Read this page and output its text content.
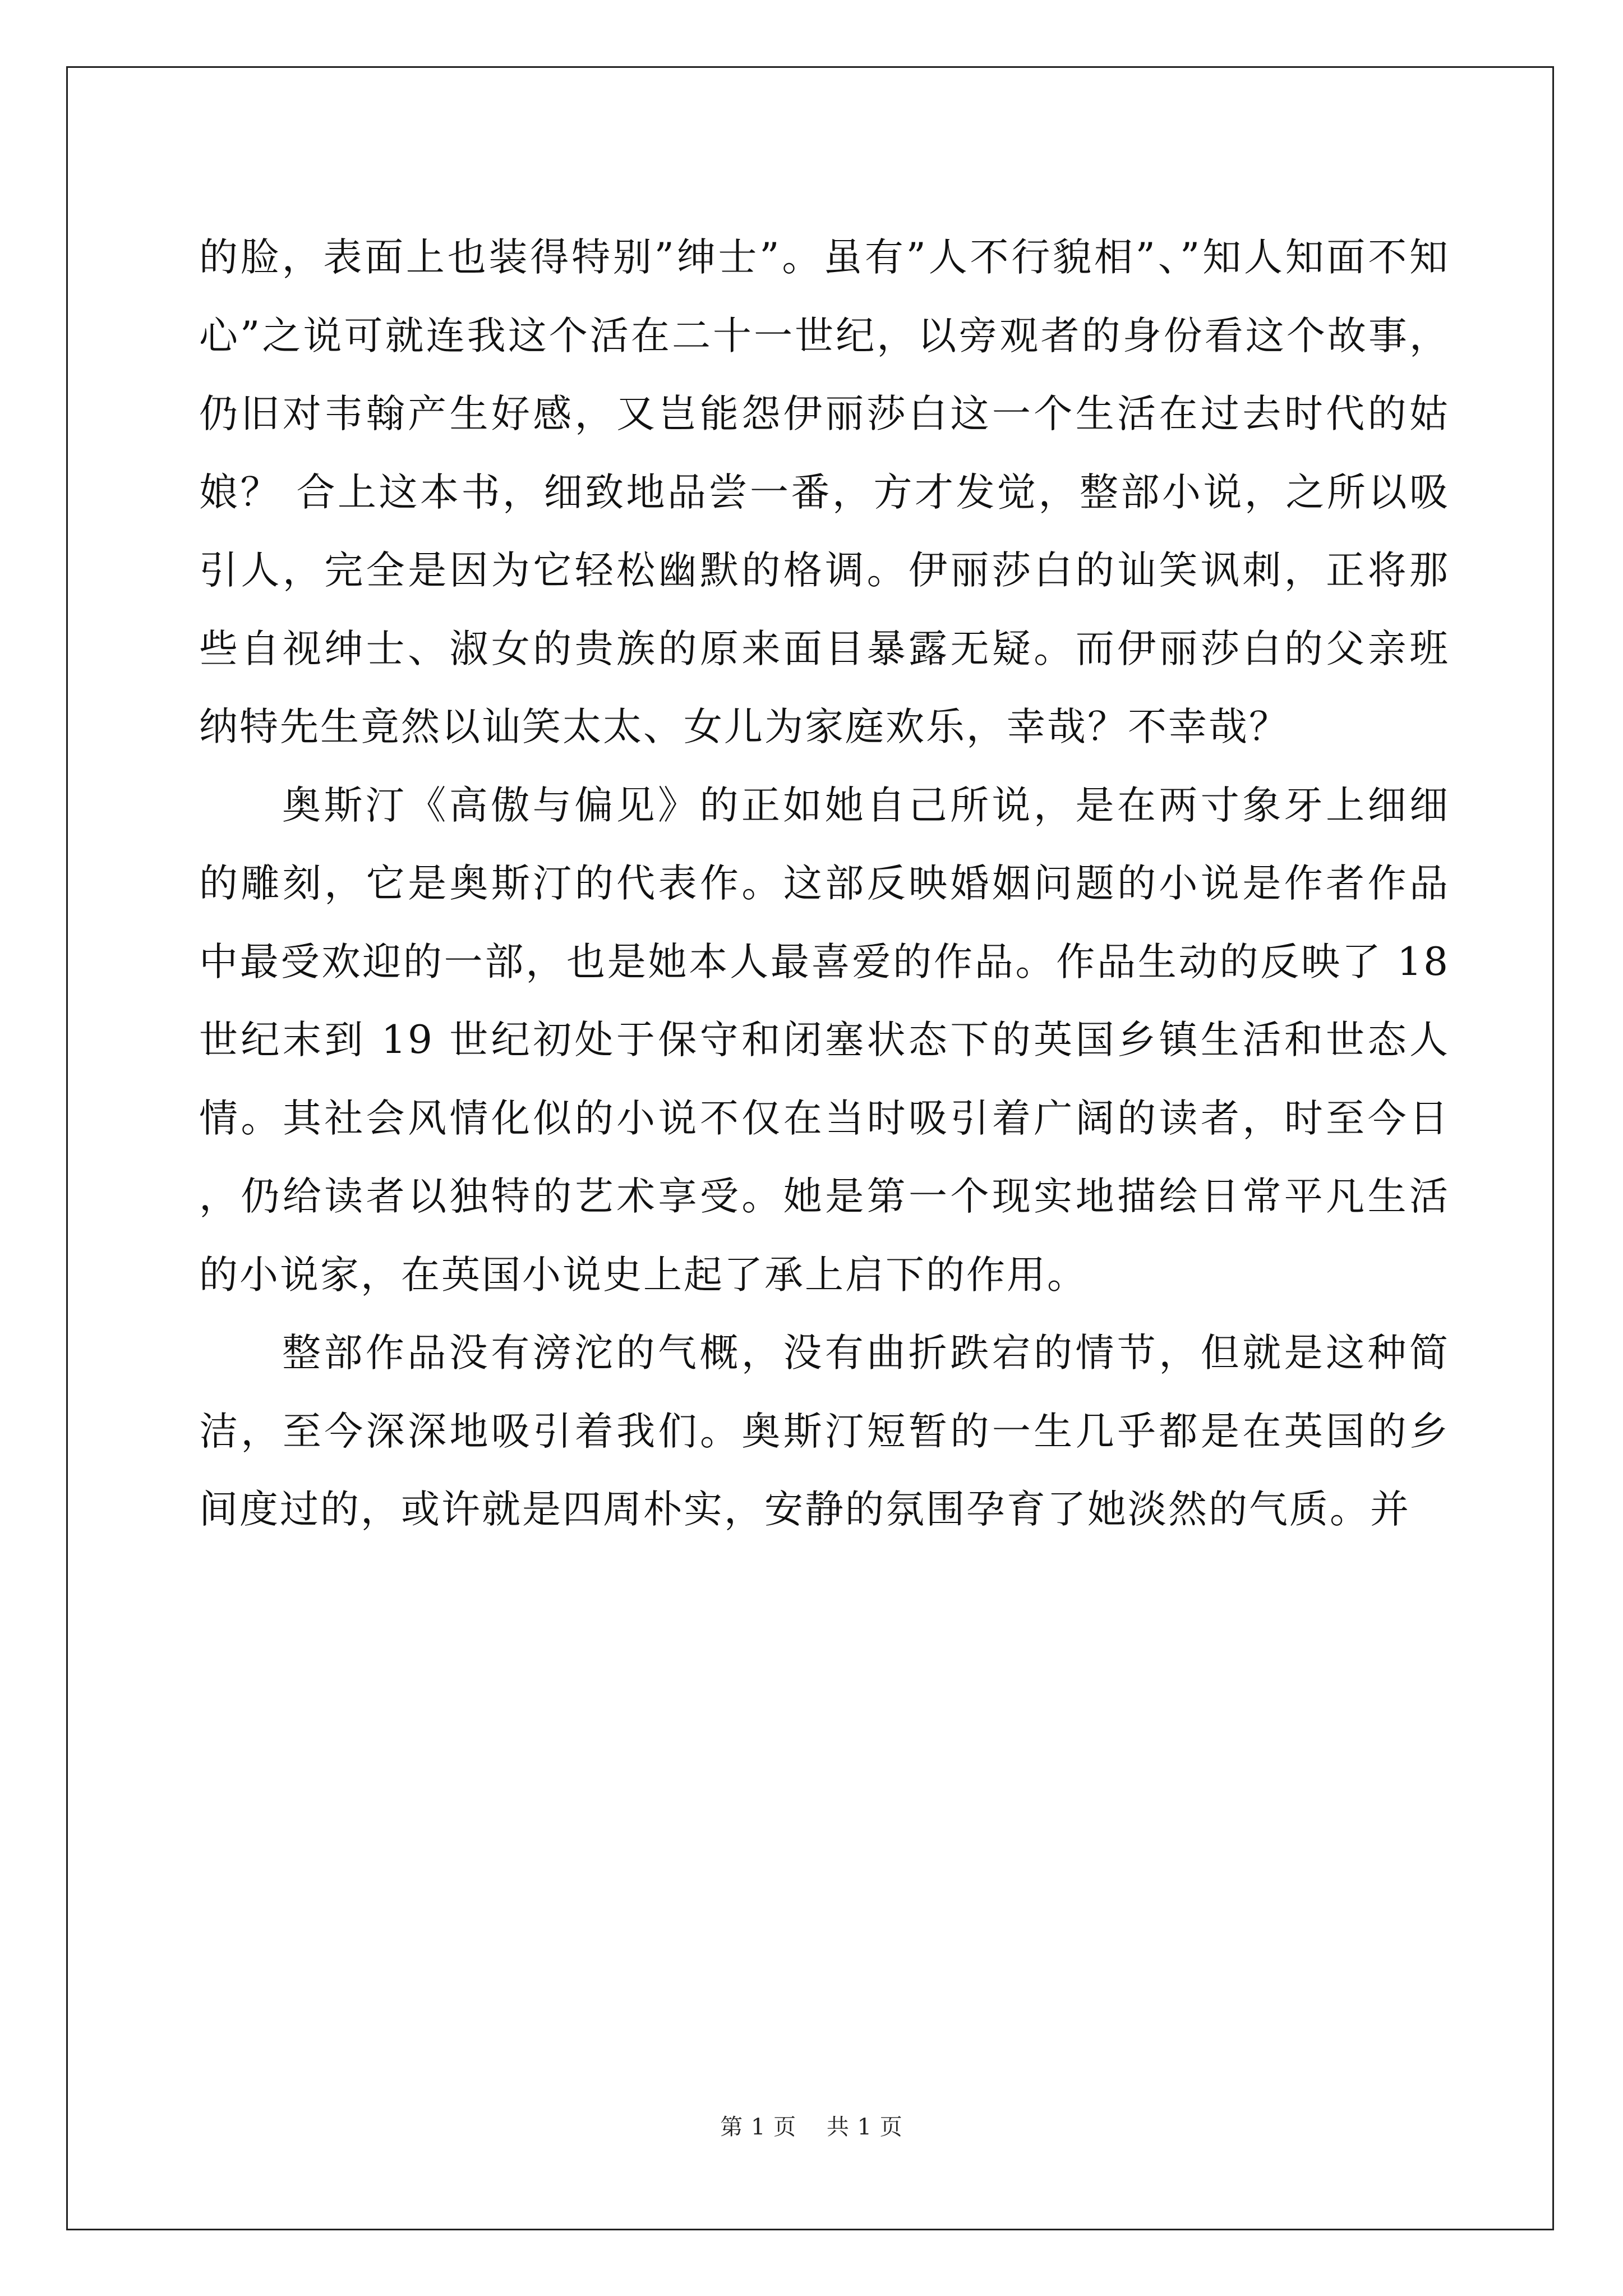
的脸，表面上也装得特别”绅士”。虽有”人不行貌相”、”知人知面不知心”之说可就连我这个活在二十一世纪，以旁观者的身份看这个故事，仍旧对韦翰产生好感，又岂能怨伊丽莎白这一个生活在过去时代的姑娘？ 合上这本书，细致地品尝一番，方才发觉，整部小说，之所以吸引人，完全是因为它轻松幽默的格调。伊丽莎白的讪笑讽刺，正将那些自视绅士、淑女的贵族的原来面目暴露无疑。而伊丽莎白的父亲班纳特先生竟然以讪笑太太、女儿为家庭欢乐，幸哉？不幸哉？

奥斯汀《高傲与偏见》的正如她自己所说，是在两寸象牙上细细的雕刻，它是奥斯汀的代表作。这部反映婚姻问题的小说是作者作品中最受欢迎的一部，也是她本人最喜爱的作品。作品生动的反映了 18 世纪末到 19 世纪初处于保守和闭塞状态下的英国乡镇生活和世态人情。其社会风情化似的小说不仅在当时吸引着广阔的读者，时至今日，仍给读者以独特的艺术享受。她是第一个现实地描绘日常平凡生活的小说家，在英国小说史上起了承上启下的作用。

整部作品没有滂沱的气概，没有曲折跌宕的情节，但就是这种简洁，至今深深地吸引着我们。奥斯汀短暂的一生几乎都是在英国的乡间度过的，或许就是四周朴实，安静的氛围孕育了她淡然的气质。并

第 1 页 共 1 页
